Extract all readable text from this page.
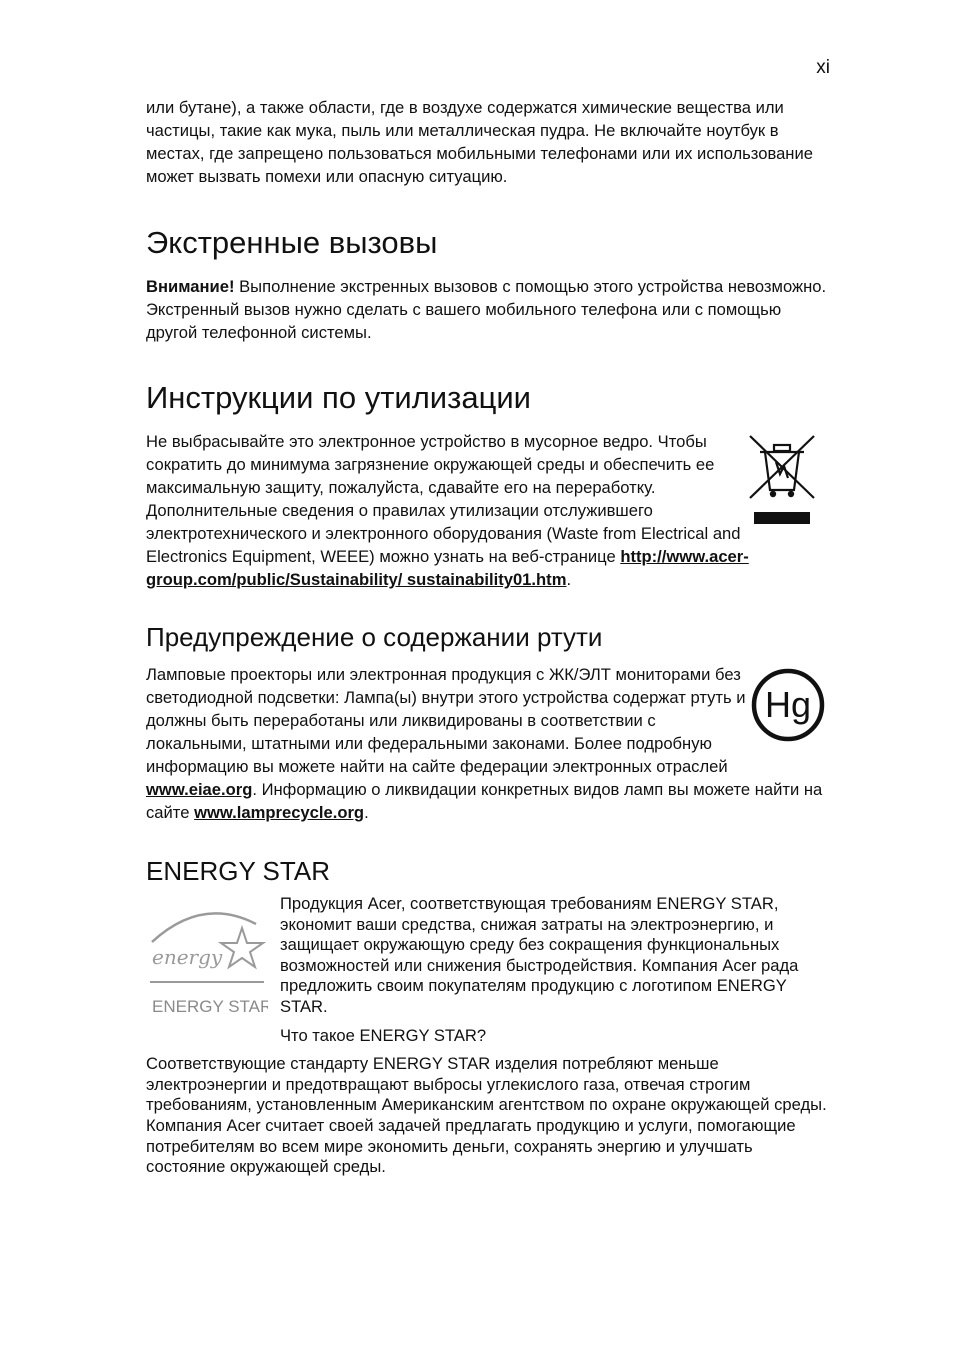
xi

или бутане), а также области, где в воздухе содержатся химические вещества или частицы, такие как мука, пыль или металлическая пудра. Не включайте ноутбук в местах, где запрещено пользоваться мобильными телефонами или их использование может вызвать помехи или опасную ситуацию.

Экстренные вызовы

Внимание! Выполнение экстренных вызовов с помощью этого устройства невозможно. Экстренный вызов нужно сделать с вашего мобильного телефона или с помощью другой телефонной системы.

Инструкции по утилизации

Не выбрасывайте это электронное устройство в мусорное ведро. Чтобы сократить до минимума загрязнение окружающей среды и обеспечить ее максимальную защиту, пожалуйста, сдавайте его на переработку. Дополнительные сведения о правилах утилизации отслужившего электротехнического и электронного оборудования (Waste from Electrical and Electronics Equipment, WEEE) можно узнать на веб-странице http://www.acer-group.com/public/Sustainability/ sustainability01.htm.

Предупреждение о содержании ртути
Hg

Ламповые проекторы или электронная продукция с ЖК/ЭЛТ мониторами без светодиодной подсветки: Лампа(ы) внутри этого устройства содержат ртуть и должны быть переработаны или ликвидированы в соответствии с локальными, штатными или федеральными законами. Более подробную информацию вы можете найти на сайте федерации электронных отраслей www.eiae.org. Информацию о ликвидации конкретных видов ламп вы можете найти на сайте www.lamprecycle.org.

ENERGY STAR
energy
ENERGY STAR

Продукция Acer, соответствующая требованиям ENERGY STAR, экономит ваши средства, снижая затраты на электроэнергию, и защищает окружающую среду без сокращения функциональных возможностей или снижения быстродействия. Компания Acer рада предложить своим покупателям продукцию с логотипом ENERGY STAR.

Что такое ENERGY STAR?

Соответствующие стандарту ENERGY STAR изделия потребляют меньше электроэнергии и предотвращают выбросы углекислого газа, отвечая строгим требованиям, установленным Американским агентством по охране окружающей среды. Компания Acer считает своей задачей предлагать продукцию и услуги, помогающие потребителям во всем мире экономить деньги, сохранять энергию и улучшать состояние окружающей среды.
